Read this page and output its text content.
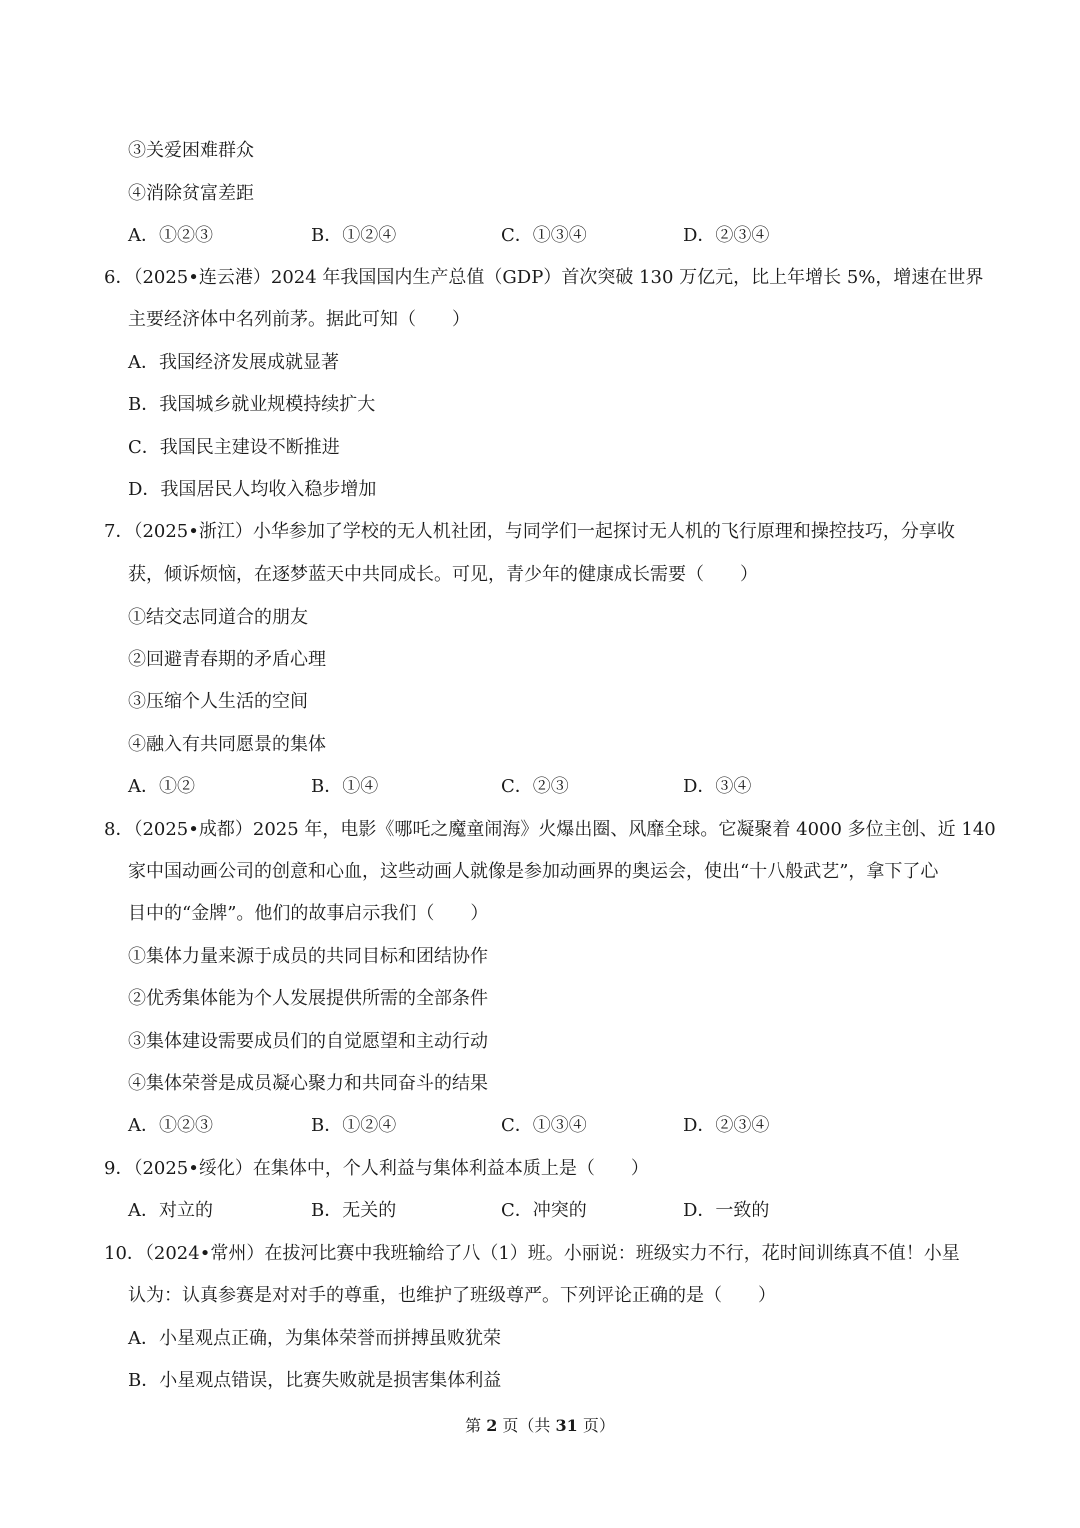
③关爱困难群众
④消除贫富差距
A．①②③	B．①②④	C．①③④	D．②③④
6．（2025•连云港）2024 年我国国内生产总值（GDP）首次突破 130 万亿元，比上年增长 5%，增速在世界
主要经济体中名列前茅。据此可知（　　）
A．我国经济发展成就显著
B．我国城乡就业规模持续扩大
C．我国民主建设不断推进
D．我国居民人均收入稳步增加
7．（2025•浙江）小华参加了学校的无人机社团，与同学们一起探讨无人机的飞行原理和操控技巧，分享收
获，倾诉烦恼，在逐梦蓝天中共同成长。可见，青少年的健康成长需要（　　）
①结交志同道合的朋友
②回避青春期的矛盾心理
③压缩个人生活的空间
④融入有共同愿景的集体
A．①②	B．①④	C．②③	D．③④
8．（2025•成都）2025 年，电影《哪吒之魔童闹海》火爆出圈、风靡全球。它凝聚着 4000 多位主创、近 140
家中国动画公司的创意和心血，这些动画人就像是参加动画界的奥运会，使出“十八般武艺”，拿下了心
目中的“金牌”。他们的故事启示我们（　　）
①集体力量来源于成员的共同目标和团结协作
②优秀集体能为个人发展提供所需的全部条件
③集体建设需要成员们的自觉愿望和主动行动
④集体荣誉是成员凝心聚力和共同奋斗的结果
A．①②③	B．①②④	C．①③④	D．②③④
9．（2025•绥化）在集体中，个人利益与集体利益本质上是（　　）
A．对立的	B．无关的	C．冲突的	D．一致的
10．（2024•常州）在拔河比赛中我班输给了八（1）班。小丽说：班级实力不行，花时间训练真不值！小星
认为：认真参赛是对对手的尊重，也维护了班级尊严。下列评论正确的是（　　）
A．小星观点正确，为集体荣誉而拼搏虽败犹荣
B．小星观点错误，比赛失败就是损害集体利益
第 2 页（共 31 页）
